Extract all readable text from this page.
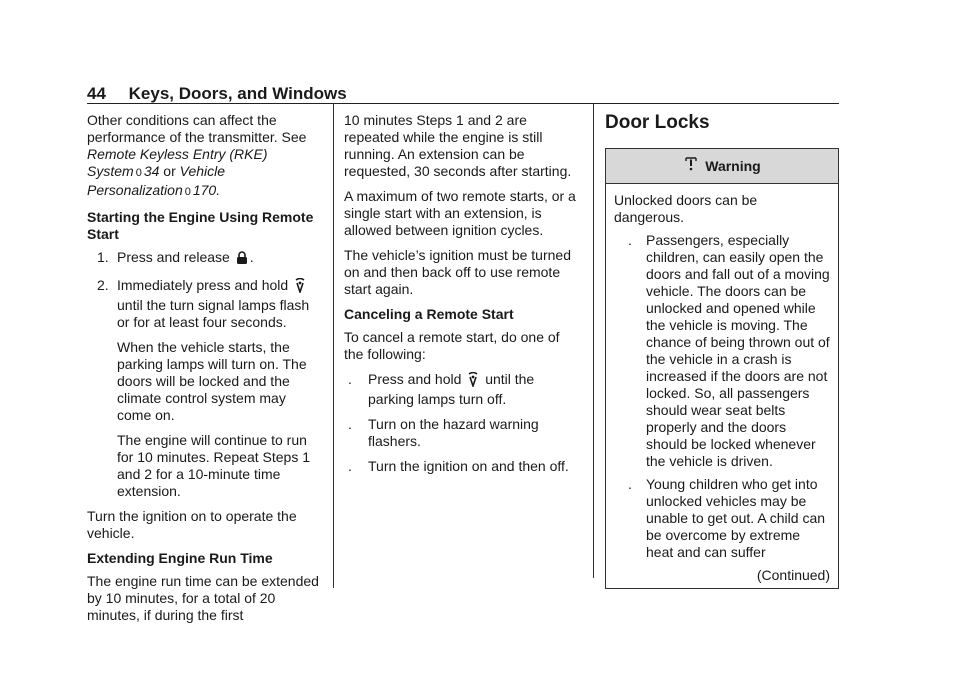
44 Keys, Doors, and Windows

Other conditions can affect the performance of the transmitter. See Remote Keyless Entry (RKE) System 0 34 or Vehicle Personalization 0 170.

Starting the Engine Using Remote Start

1. Press and release .
2. Immediately press and hold  until the turn signal lamps flash or for at least four seconds.

When the vehicle starts, the parking lamps will turn on. The doors will be locked and the climate control system may come on.

The engine will continue to run for 10 minutes. Repeat Steps 1 and 2 for a 10-minute time extension.

Turn the ignition on to operate the vehicle.

Extending Engine Run Time

The engine run time can be extended by 10 minutes, for a total of 20 minutes, if during the first

10 minutes Steps 1 and 2 are repeated while the engine is still running. An extension can be requested, 30 seconds after starting.

A maximum of two remote starts, or a single start with an extension, is allowed between ignition cycles.

The vehicle’s ignition must be turned on and then back off to use remote start again.

Canceling a Remote Start

To cancel a remote start, do one of the following:

. Press and hold until the parking lamps turn off.
. Turn on the hazard warning flashers.
. Turn the ignition on and then off.
Door Locks
Warning

Unlocked doors can be dangerous.

. Passengers, especially children, can easily open the doors and fall out of a moving vehicle. The doors can be unlocked and opened while the vehicle is moving. The chance of being thrown out of the vehicle in a crash is increased if the doors are not locked. So, all passengers should wear seat belts properly and the doors should be locked whenever the vehicle is driven.
. Young children who get into unlocked vehicles may be unable to get out. A child can be overcome by extreme heat and can suffer
(Continued)
